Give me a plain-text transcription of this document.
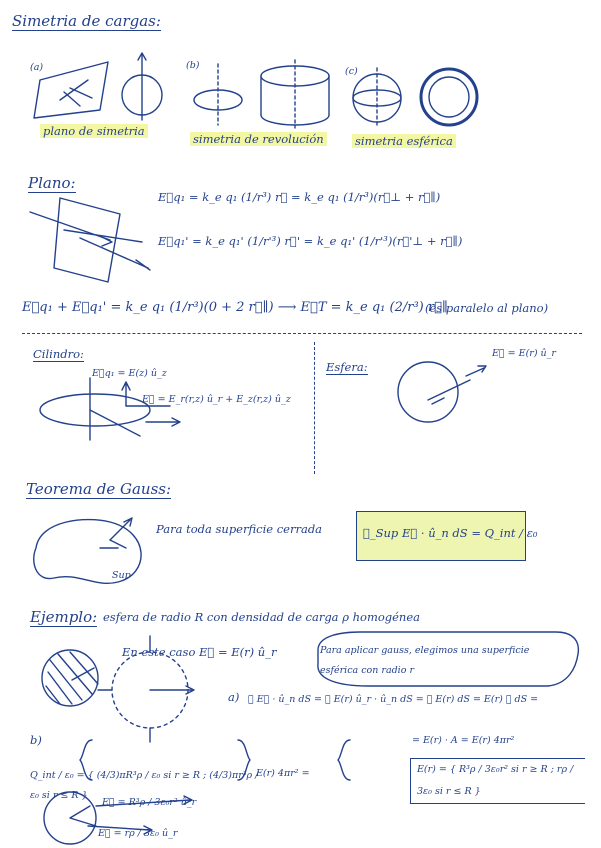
Simetria de cargas:
(a)	(b)
(c)
plano de simetria
simetria de revolución	simetria esférica
Plano:
E⃗q₁ = k_e q₁ (1/r³) r⃗ = k_e q₁ (1/r³)(r⃗⊥ + r⃗∥)
E⃗q₁' = k_e q₁' (1/r'³) r⃗' = k_e q₁' (1/r'³)(r⃗'⊥ + r⃗∥)
E⃗q₁ + E⃗q₁' = k_e q₁ (1/r³)(0 + 2 r⃗∥) ⟶ E⃗T = k_e q₁ (2/r³) r⃗∥
(es paralelo al plano)
Cilindro:
E⃗q₁ = E(z) û_z
E⃗ = E_r(r,z) û_r + E_z(r,z) û_z
Esfera:
E⃗ = E(r) û_r
Teorema de Gauss:
Para toda superficie cerrada	∯_Sup E⃗ · û_n dS = Q_int / ε₀
Sup
Ejemplo: esfera de radio R con densidad de carga ρ homogénea
En este caso E⃗ = E(r) û_r	Para aplicar gauss, elegimos una superficie esférica con radio r
a) ∯ E⃗ · û_n dS = ∯ E(r) û_r · û_n dS = ∯ E(r) dS = E(r) ∯ dS =
b)
Q_int / ε₀ = { (4/3)πR³ρ / ε₀ si r ≥ R ; (4/3)πr³ρ / ε₀ si r ≤ R }
= E(r) · A = E(r) 4πr²
E(r) 4πr² =	E(r) = { R³ρ / 3ε₀r² si r ≥ R ; rρ / 3ε₀ si r ≤ R }
E⃗ = R³ρ / 3ε₀r² û_r
E⃗ = rρ / 3ε₀ û_r
